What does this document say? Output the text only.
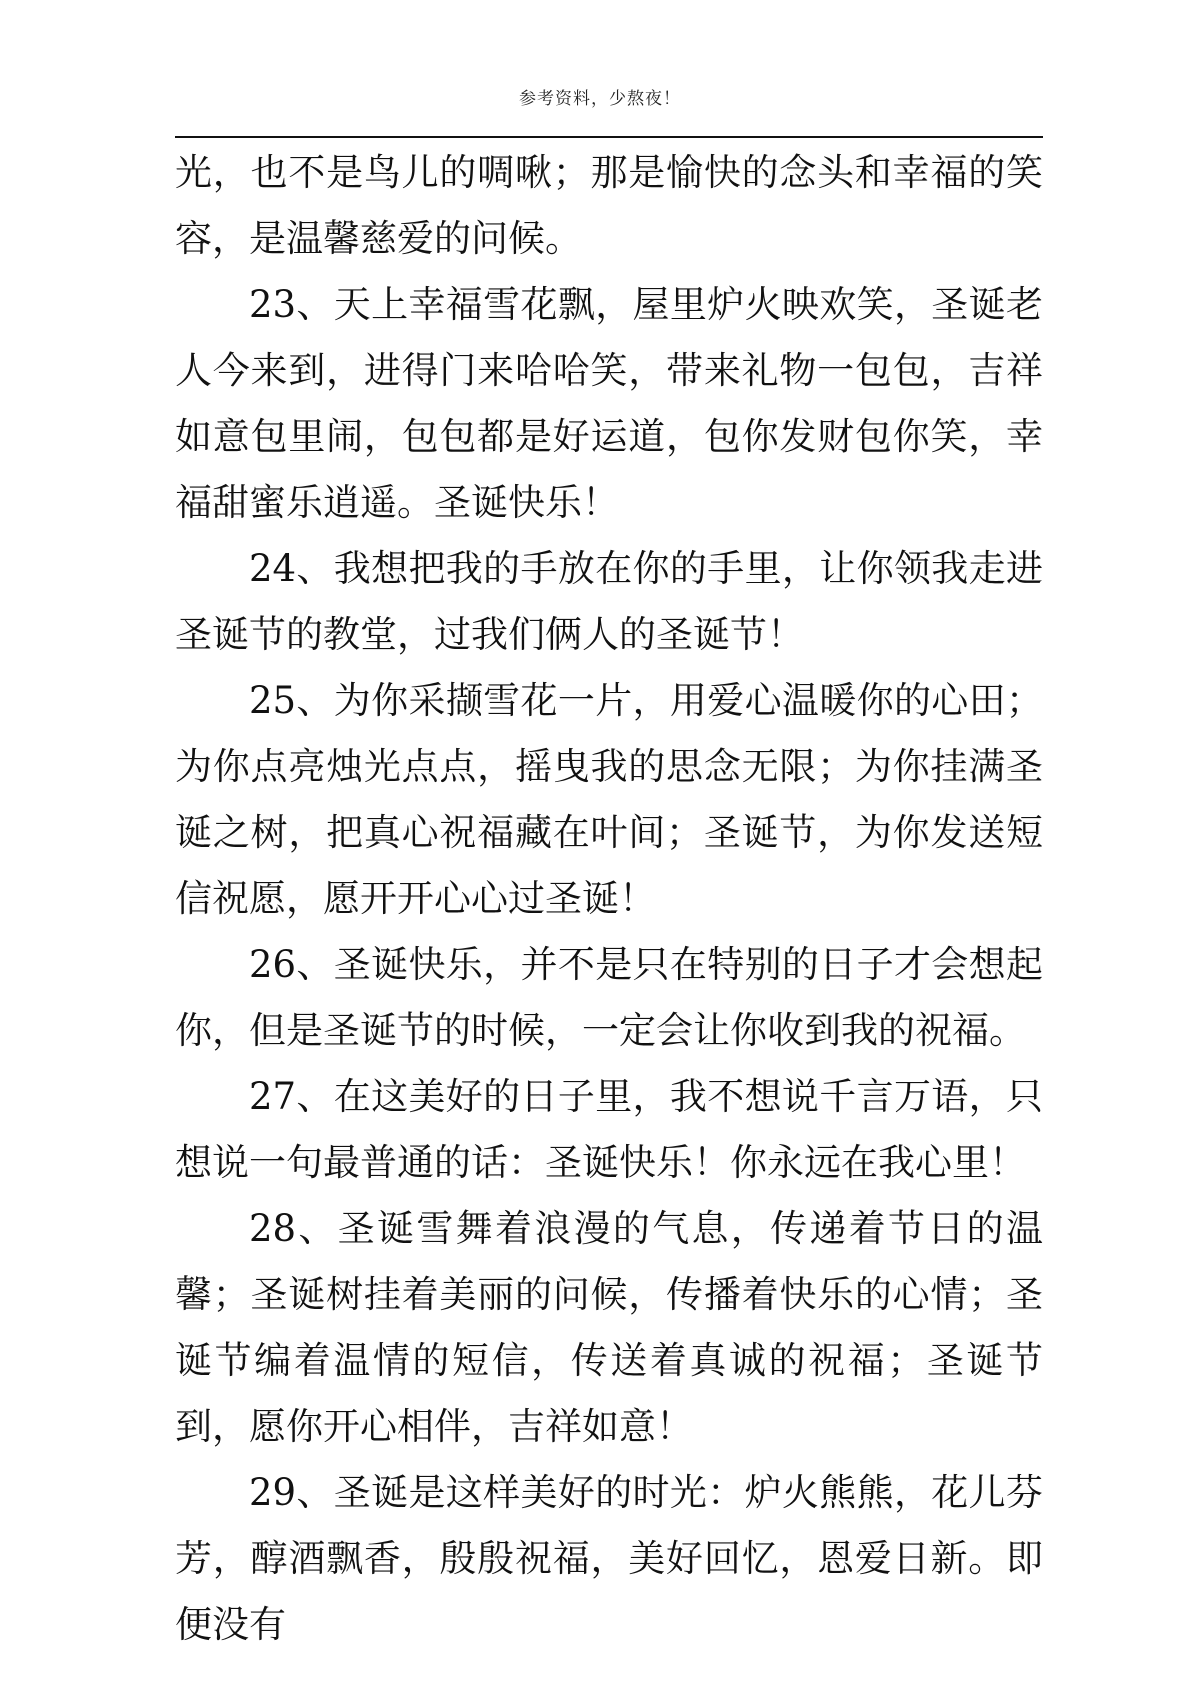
参考资料，少熬夜！

光，也不是鸟儿的啁啾；那是愉快的念头和幸福的笑容，是温馨慈爱的问候。

23、天上幸福雪花飘，屋里炉火映欢笑，圣诞老人今来到，进得门来哈哈笑，带来礼物一包包，吉祥如意包里闹，包包都是好运道，包你发财包你笑，幸福甜蜜乐逍遥。圣诞快乐！

24、我想把我的手放在你的手里，让你领我走进圣诞节的教堂，过我们俩人的圣诞节！

25、为你采撷雪花一片，用爱心温暖你的心田；为你点亮烛光点点，摇曳我的思念无限；为你挂满圣诞之树，把真心祝福藏在叶间；圣诞节，为你发送短信祝愿，愿开开心心过圣诞！

26、圣诞快乐，并不是只在特别的日子才会想起你，但是圣诞节的时候，一定会让你收到我的祝福。

27、在这美好的日子里，我不想说千言万语，只想说一句最普通的话：圣诞快乐！你永远在我心里！

28、圣诞雪舞着浪漫的气息，传递着节日的温馨；圣诞树挂着美丽的问候，传播着快乐的心情；圣诞节编着温情的短信，传送着真诚的祝福；圣诞节到，愿你开心相伴，吉祥如意！

29、圣诞是这样美好的时光：炉火熊熊，花儿芬芳，醇酒飘香，殷殷祝福，美好回忆，恩爱日新。即便没有
